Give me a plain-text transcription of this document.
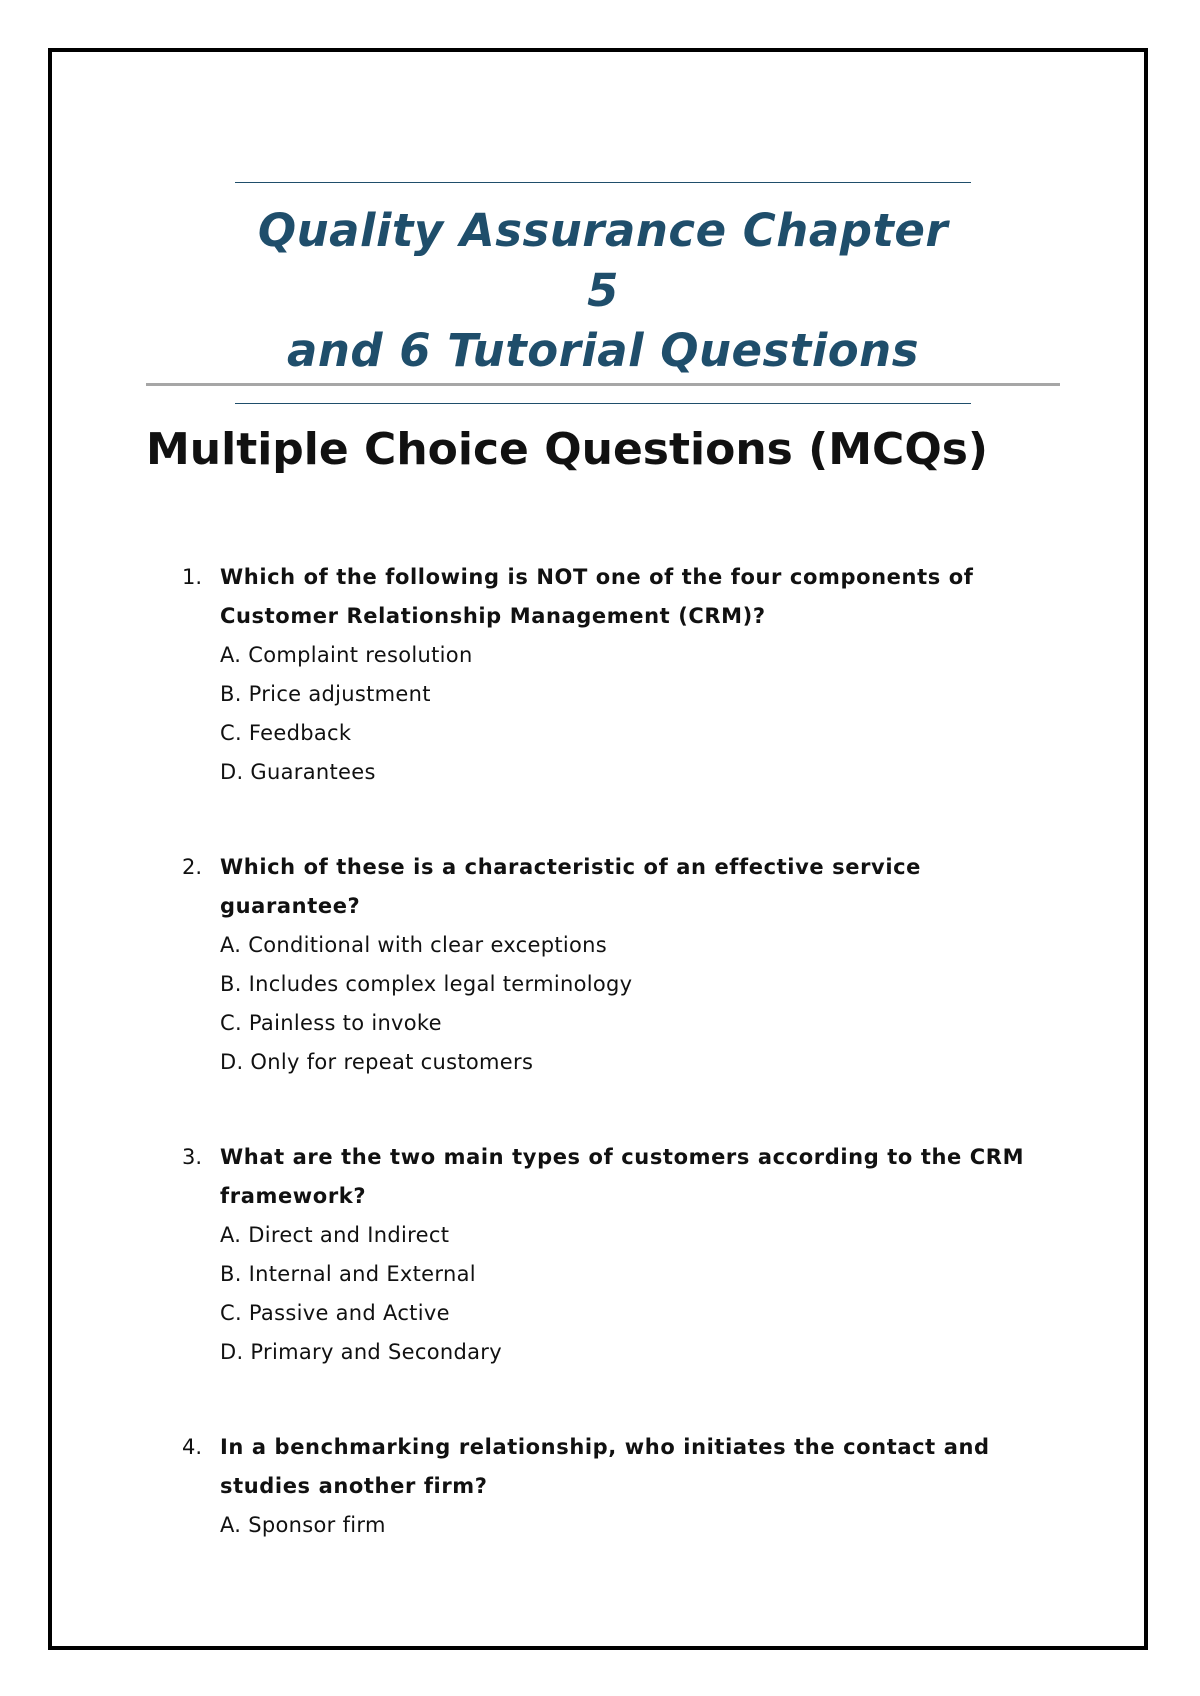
Quality Assurance Chapter 5
and 6 Tutorial Questions
Multiple Choice Questions (MCQs)
1. Which of the following is NOT one of the four components of Customer Relationship Management (CRM)?
A. Complaint resolution
B. Price adjustment
C. Feedback
D. Guarantees
2. Which of these is a characteristic of an effective service guarantee?
A. Conditional with clear exceptions
B. Includes complex legal terminology
C. Painless to invoke
D. Only for repeat customers
3. What are the two main types of customers according to the CRM framework?
A. Direct and Indirect
B. Internal and External
C. Passive and Active
D. Primary and Secondary
4. In a benchmarking relationship, who initiates the contact and studies another firm?
A. Sponsor firm
